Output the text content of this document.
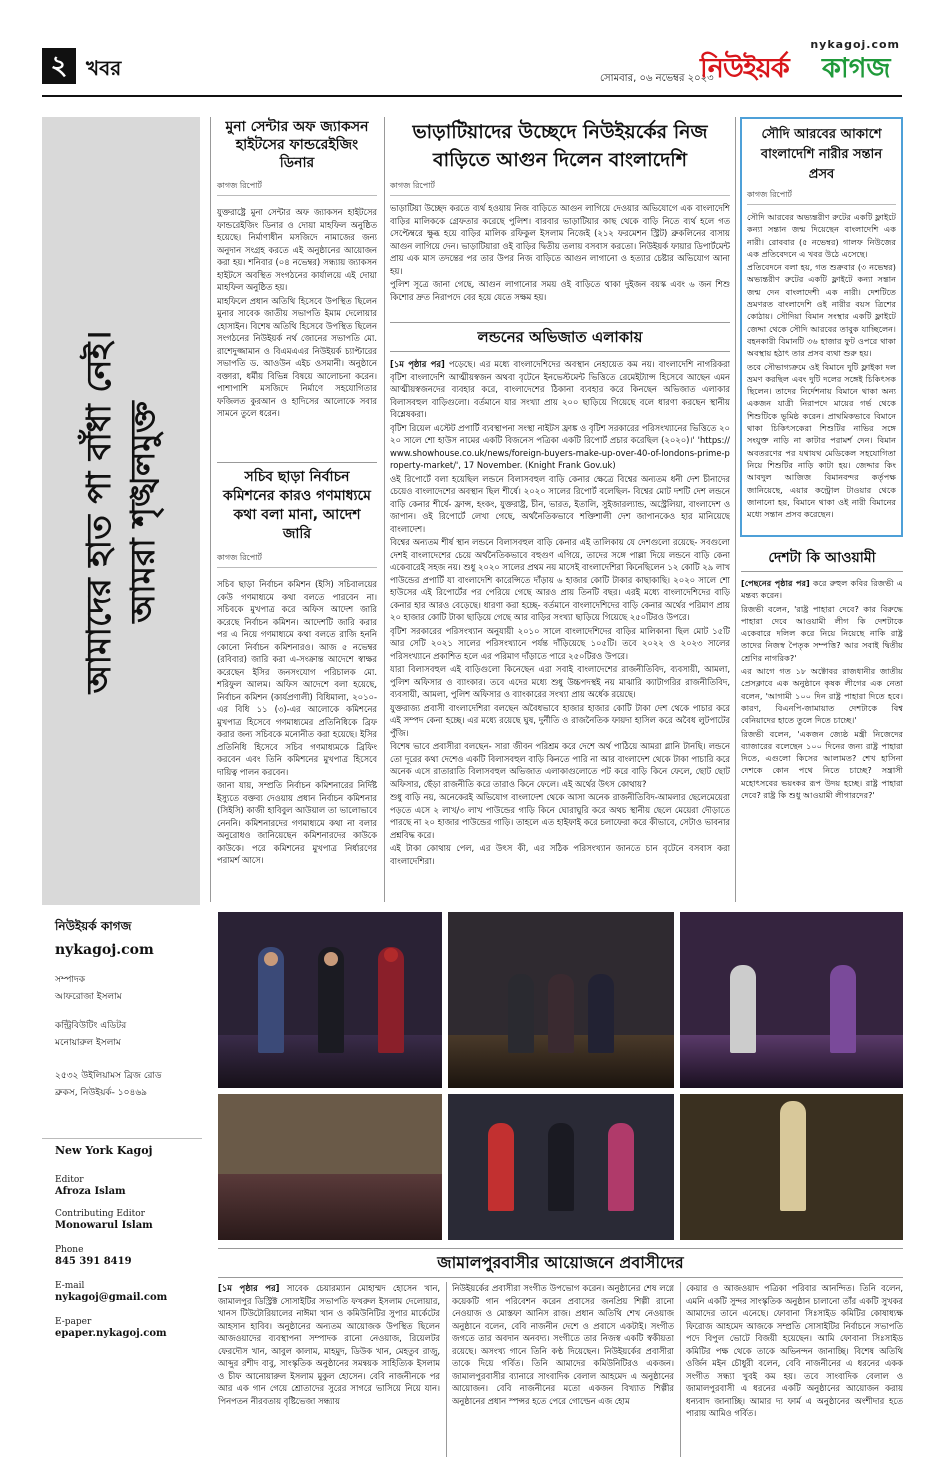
২ খবর	সোমবার, ০৬ নভেম্বর ২০২৩
নিউইয়র্ক কাগজ
nykagoj.com
আমাদের হাত পা বাঁধা নেই। আমরা শৃঙ্খলমুক্ত
নিউইয়র্ক কাগজ
nykagoj.com
সম্পাদক
আফরোজা ইসলাম
কন্ট্রিবিউটিং এডিটর
মনোয়ারুল ইসলাম
২৫৩২ উইলিয়ামস ব্রিজ রোড
ব্রুকস, নিউইয়র্ক- ১০৪৬৯
New York Kagoj
Editor
Afroza Islam
Contributing Editor
Monowarul Islam
Phone
845 391 8419
E-mail
nykagoj@gmail.com
E-paper
epaper.nykagoj.com
মুনা সেন্টার অফ জ্যাকসন হাইটসের ফান্ডরেইজিং ডিনার
কাগজ রিপোর্ট

যুক্তরাষ্ট্রে মুনা সেন্টার অফ জ্যাকসন হাইটসের ফান্ডরেইজিং ডিনার ও দোয়া মাহফিল অনুষ্ঠিত হয়েছে। নির্মাণাধীন মসজিদে নামাজের জন্য অনুদান সংগ্রহ করতে এই অনুষ্ঠানের আয়োজন করা হয়। শনিবার (০৪ নভেম্বর) সন্ধ্যায় জ্যাকসন হাইটসে অবস্থিত সংগঠনের কার্যালয়ে এই দোয়া মাহফিল অনুষ্ঠিত হয়।

মাহফিলে প্রধান অতিথি হিসেবে উপস্থিত ছিলেন মুনার সাবেক জাতীয় সভাপতি ইমাম দেলোয়ার হোসাইন। বিশেষ অতিথি হিসেবে উপস্থিত ছিলেন সংগঠনের নিউইয়র্ক নর্থ জোনের সভাপতি মো. রাশেদুজ্জামান ও বিএমএএর নিউইয়র্ক চ্যাপ্টারের সভাপতি ড. আওউন এইচ ওসমানী। অনুষ্ঠানে বক্তারা, ধর্মীয় বিভিন্ন বিষয়ে আলোচনা করেন। পাশাপাশি মসজিদে নির্মাণে সহযোগিতার ফজিলত কুরআন ও হাদিসের আলোকে সবার সামনে তুলে ধরেন।

সচিব ছাড়া নির্বাচন কমিশনের কারও গণমাধ্যমে কথা বলা মানা, আদেশ জারি
কাগজ রিপোর্ট

সচিব ছাড়া নির্বাচন কমিশন (ইসি) সচিবালয়ের কেউ গণমাধ্যমে কথা বলতে পারবেন না। সচিবকে মুখপাত্র করে অফিস আদেশ জারি করেছে নির্বাচন কমিশন। আদেশটি জারি করার পর এ নিয়ে গণমাধ্যমে কথা বলতে রাজি হননি কোনো নির্বাচন কমিশনারও। আজ ৫ নভেম্বর (রবিবার) জারি করা এ-সংক্রান্ত আদেশে স্বাক্ষর করেছেন ইসির জনসংযোগ পরিচালক মো. শরিফুল আলম। অফিস আদেশে বলা হয়েছে, নির্বাচন কমিশন (কার্যপ্রণালী) বিধিমালা, ২০১০-এর বিধি ১১ (৩)-এর আলোকে কমিশনের মুখপাত্র হিসেবে গণমাধ্যমের প্রতিনিধিকে ব্রিফ করার জন্য সচিবকে মনোনীত করা হয়েছে। ইসির প্রতিনিধি হিসেবে সচিব গণমাধ্যমকে ব্রিফিং করবেন এবং তিনি কমিশনের মুখপাত্র হিসেবে দায়িত্ব পালন করবেন।

জানা যায়, সম্প্রতি নির্বাচন কমিশনারের নির্দিষ্ট ইস্যুতে বক্তব্য দেওয়ায় প্রধান নির্বাচন কমিশনার (সিইসি) কাজী হাবিবুল আউয়াল তা ভালোভাবে নেননি। কমিশনারদের গণমাধ্যমে কথা না বলার অনুরোধও জানিয়েছেন কমিশনারদের কাউকে কাউকে। পরে কমিশনের মুখপাত্র নির্ধারণের পরামর্শ আসে।

ভাড়াটিয়াদের উচ্ছেদে নিউইয়র্কের নিজ বাড়িতে আগুন দিলেন বাংলাদেশি
কাগজ রিপোর্ট

ভাড়াটিয়া উচ্ছেদ করতে ব্যর্থ হওয়ায় নিজ বাড়িতে আগুন লাগিয়ে দেওয়ার অভিযোগে এক বাংলাদেশি বাড়ির মালিককে গ্রেফতার করেছে পুলিশ। বারবার ভাড়াটিয়ার কাছ থেকে বাড়ি নিতে ব্যর্থ হলে গত সেপ্টেম্বরে ক্ষুব্ধ হয়ে বাড়ির মালিক রফিকুল ইসলাম নিজেই (২১২ ফরমেশন স্ট্রিট) ব্রুকলিনের বাসায় আগুন লাগিয়ে দেন। ভাড়াটিয়ারা ওই বাড়ির দ্বিতীয় তলায় বসবাস করতো। নিউইয়র্ক ফায়ার ডিপার্টমেন্ট প্রায় এক মাস তদন্তের পর তার উপর নিজ বাড়িতে আগুন লাগানো ও হত্যার চেষ্টার অভিযোগ আনা হয়।

পুলিশ সূত্রে জানা গেছে, আগুন লাগানোর সময় ওই বাড়িতে থাকা দুইজন বয়স্ক এবং ৬ জন শিশু কিশোর দ্রুত নিরাপদে বের হয়ে যেতে সক্ষম হয়।

লন্ডনের অভিজাত এলাকায়

[১ম পৃষ্ঠার পর] পড়েছে। এর মধ্যে বাংলাদেশিদের অবস্থান নেহায়েত কম নয়। বাংলাদেশি নাগরিকরা বৃটিশ বাংলাদেশি আত্মীয়স্বজন অথবা বৃটেনে ইনভেস্টমেন্ট ভিত্তিতে রেমেইট্যান্স হিসেবে আছেন এমন আত্মীয়স্বজনদের ব্যবহার করে, বাংলাদেশের ঠিকানা ব্যবহার করে কিনছেন অভিজাত এলাকার বিলাসবহুল বাড়িগুলো। বর্তমানে যার সংখ্যা প্রায় ২০০ ছাড়িয়ে গিয়েছে বলে ধারণা করছেন স্থানীয় বিশ্লেষকরা।

বৃটিশ রিয়েল এস্টেট প্রপার্টি ব্যবস্থাপনা সংস্থা নাইটস ফ্রাঙ্ক ও বৃটিশ সরকারের পরিসংখ্যানের ভিত্তিতে ২০২০ সালে শো হাউস নামের একটি বিজনেস পত্রিকা একটি রিপোর্ট প্রচার করেছিল (২০২০)।' 'https://www.showhouse.co.uk/news/foreign-buyers-make-up-over-40-of-londons-prime-property-market/', 17 November. (Knight Frank Gov.uk)

ওই রিপোর্টে বলা হয়েছিল লন্ডনে বিলাসবহুল বাড়ি কেনার ক্ষেত্রে বিশ্বের অন্যতম ধনী দেশ চীনাদের চেয়েও বাংলাদেশের অবস্থান ছিল শীর্ষে। ২০২০ সালের রিপোর্ট বলেছিল- বিশ্বের মোট দশটি দেশ লন্ডনে বাড়ি কেনার শীর্ষে- ফ্রান্স, হংকং, যুক্তরাষ্ট্র, চীন, ভারত, ইতালি, সুইজারল্যান্ড, অস্ট্রেলিয়া, বাংলাদেশ ও জাপান। ওই রিপোর্টে লেখা গেছে, অর্থনৈতিকভাবে শক্তিশালী দেশ জাপানকেও হার মানিয়েছে বাংলাদেশ।

বিশ্বের অন্যতম শীর্ষ স্থান লন্ডনে বিলাসবহুল বাড়ি কেনার এই তালিকায় যে দেশগুলো রয়েছে- সবগুলো দেশই বাংলাদেশের চেয়ে অর্থনৈতিকভাবে বহুগুণ এগিয়ে, তাদের সঙ্গে পাল্লা দিয়ে লন্ডনে বাড়ি কেনা একেবারেই সহজ নয়। শুধু ২০২০ সালের প্রথম নয় মাসেই বাংলাদেশিরা কিনেছিলেন ১২ কোটি ২৯ লাখ পাউন্ডের প্রপার্টি যা বাংলাদেশি কারেন্সিতে দাঁড়ায় ৬ হাজার কোটি টাকার কাছাকাছি। ২০২০ সালে শো হাউসের এই রিপোর্টের পর পেরিয়ে গেছে আরও প্রায় তিনটি বছর। এরই মধ্যে বাংলাদেশিদের বাড়ি কেনার হার আরও বেড়েছে। ধারণা করা হচ্ছে- বর্তমানে বাংলাদেশিদের বাড়ি কেনার অর্থের পরিমাণ প্রায় ২০ হাজার কোটি টাকা ছাড়িয়ে গেছে আর বাড়ির সংখ্যা ছাড়িয়ে গিয়েছে ২৫০টিরও উপরে।

বৃটিশ সরকারের পরিসংখ্যান অনুযায়ী ২০১০ সালে বাংলাদেশিদের বাড়ির মালিকানা ছিল মোট ১৫টি আর সেটি ২০২১ সালের পরিসংখ্যানে পর্যন্ত দাঁড়িয়েছে ১০৫টি। তবে ২০২২ ও ২০২৩ সালের পরিসংখ্যানে প্রকাশিত হলে এর পরিমাণ দাঁড়াতে পারে ২৫০টিরও উপরে।

যারা বিলাসবহুল এই বাড়িগুলো কিনেছেন এরা সবাই বাংলাদেশের রাজনীতিবিদ, ব্যবসায়ী, আমলা, পুলিশ অফিসার ও ব্যাংকার। তবে এদের মধ্যে শুধু উচ্চপদস্থই নয় মাঝারি ক্যাটাগরির রাজনীতিবিদ, ব্যবসায়ী, আমলা, পুলিশ অফিসার ও ব্যাংকারের সংখ্যা প্রায় অর্ধেক রয়েছে।

যুক্তরাজ্য প্রবাসী বাংলাদেশিরা বলছেন অবৈধভাবে হাজার হাজার কোটি টাকা দেশ থেকে পাচার করে এই সম্পদ কেনা হচ্ছে। এর মধ্যে রয়েছে ঘুষ, দুর্নীতি ও রাজনৈতিক ফায়দা হাসিল করে অবৈধ লুটপাটের পুঁজি।

বিশেষ ভাবে প্রবাসীরা বলছেন- সারা জীবন পরিশ্রম করে দেশে অর্থ পাঠিয়ে আমরা গ্লানি টানছি। লন্ডনে তো দূরের কথা দেশেও একটি বিলাসবহুল বাড়ি কিনতে পারি না আর বাংলাদেশ থেকে টাকা পাচারি করে অনেক এসে রাতারাতি বিলাসবহুল অভিজাত এলাকাগুলোতে পট করে বাড়ি কিনে ফেলে, ছোট ছোট অফিসার, ছেঁড়া রাজনীতি করে তারাও কিনে ফেলে। এই অর্থের উৎস কোথায়?

শুধু বাড়ি নয়, অনেকেরই অভিযোগ বাংলাদেশ থেকে আসা অনেক রাজনীতিবিদ-আমলার ছেলেমেয়েরা পড়তে এসে ২ লাখ/৩ লাখ পাউন্ডের গাড়ি কিনে ঘোরাঘুরি করে অথচ স্থানীয় ছেলে মেয়েরা দৌড়াতে পারছে না ২০ হাজার পাউন্ডের গাড়ি। তাহলে এত হাইফাই করে চলাফেরা করে কীভাবে, সেটাও ভাবনার প্রশ্নবিদ্ধ করে।

এই টাকা কোথায় পেল, এর উৎস কী, এর সঠিক পরিসংখ্যান জানতে চান বৃটেনে বসবাস করা বাংলাদেশিরা।

সৌদি আরবের আকাশে বাংলাদেশি নারীর সন্তান প্রসব
কাগজ রিপোর্ট

সৌদি আরবের অভ্যন্তরীণ রুটের একটি ফ্লাইটে কন্যা সন্তান জন্ম দিয়েছেন বাংলাদেশি এক নারী। রোববার (৫ নভেম্বর) গালফ নিউজের এক প্রতিবেদনে এ খবর উঠে এসেছে।

প্রতিবেদনে বলা হয়, গত শুক্রবার (৩ নভেম্বর) অভ্যন্তরীণ রুটের একটি ফ্লাইটে কন্যা সন্তান জন্ম দেন বাংলাদেশী এক নারী। দেশটিতে ভ্রমণরত বাংলাদেশি ওই নারীর বয়স ত্রিশের কোঠায়। সৌদিয়া বিমান সংস্থার একটি ফ্লাইটে জেদ্দা থেকে সৌদি আরবের তাবুক যাচ্ছিলেন। বহনকারী বিমানটি ৩৬ হাজার ফুট ওপরে থাকা অবস্থায় হঠাৎ তার প্রসব ব্যথা শুরু হয়।

তবে সৌভাগ্যক্রমে ওই বিমানে দুটি ফ্লাইকা দল ভ্রমণ করছিল এবং দুটি দলের সঙ্গেই চিকিৎসক ছিলেন। তাদের নির্দেশনায় বিমানে থাকা অন্য একজন যাত্রী নিরাপদে মায়ের গর্ভ থেকে শিশুটিকে ভূমিষ্ঠ করেন। প্রাথমিকভাবে বিমানে থাকা চিকিৎসকেরা শিশুটির নাভির সঙ্গে সংযুক্ত নাড়ি না কাটার পরামর্শ দেন। বিমান অবতরণের পর যথাযথ মেডিকেল সহযোগিতা নিয়ে শিশুটির নাড়ি কাটা হয়। জেদ্দার কিং আবদুল আজিজ বিমানবন্দর কর্তৃপক্ষ জানিয়েছে, এয়ার কন্ট্রোল টাওয়ার থেকে জানানো হয়, বিমানে থাকা ওই নারী বিমানের মধ্যে সন্তান প্রসব করেছেন।

দেশটা কি আওয়ামী

[পেছনের পৃষ্ঠার পর] করে রুহুল কবির রিজভী এ মন্তব্য করেন।

রিজভী বলেন, 'রাষ্ট্র পাহারা দেবে? কার বিরুদ্ধে পাহারা দেবে আওয়ামী লীগ কি দেশটাকে একেবারে দলিল করে নিয়ে নিয়েছে নাকি রাষ্ট্র তাদের নিজস্ব পৈতৃক সম্পত্তি? আর সবাই দ্বিতীয় শ্রেণির নাগরিক?'

এর আগে গত ১৮ অক্টোবর রাজধানীর জাতীয় প্রেসক্লাবে এক অনুষ্ঠানে কৃষক লীগের এক নেতা বলেন, 'আগামী ১০০ দিন রাষ্ট্র পাহারা দিতে হবে। কারণ, বিএনপি-জামায়াত দেশটাকে বিশ্ব বেনিয়াদের হাতে তুলে দিতে চাচ্ছে।'

রিজভী বলেন, 'একজন জ্যেষ্ঠ মন্ত্রী নিজেদের ব্যাজারের বলেছেন ১০০ দিনের জন্য রাষ্ট্র পাহারা দিতে, এগুলো কিসের আলামত? শেখ হাসিনা দেশকে কোন পথে নিতে চাচ্ছে? সন্ত্রাসী মহোৎসবের ভয়ংকর রূপ উদয় হচ্ছে। রাষ্ট্র পাহারা দেবে? রাষ্ট্র কি শুধু আওয়ামী লীগারদের?'

জামালপুরবাসীর আয়োজনে প্রবাসীদের
[১ম পৃষ্ঠার পর] সাবেক চেয়ারম্যান মোহাম্মদ হোসেন খান, জামালপুর ডিস্ট্রিক্ট সোসাইটির সভাপতি ফখরুল ইসলাম দেলোয়ার, খানস টিউটোরিয়ালের নাঈমা খান ও কমিউনিটির সুপার মার্কেটের আহসান হাবিব। অনুষ্ঠানের অন্যতম আয়োজক উপস্থিত ছিলেন আজওয়াদের ব্যবস্থাপনা সম্পাদক রানো নেওয়াজ, রিয়েলটর ফেরদৌস খান, আবুল কালাম, মাহমুদ, ডিউক খান, মেহতুব রাজু, আব্দুর রশীদ বাবু, সাংস্কৃতিক অনুষ্ঠানের সমন্বয়ক সাহিত্যিক ইসলাম ও চীফ আনোয়ারুল ইসলাম মুকুল হোসেন। বেবি নাজনীনকে পর আর এক গান গেয়ে শ্রোতাদের সুরের সাগরে ভাসিয়ে নিয়ে যান। পিনপতন নীরবতায় বৃষ্টিভেজা সন্ধ্যায়
নিউইয়র্কের প্রবাসীরা সংগীত উপভোগ করেন। অনুষ্ঠানের শেষ লগ্নে কয়েকটি গান পরিবেশন করেন প্রবাসের জনপ্রিয় শিল্পী রানো নেওয়াজ ও মোস্তফা আনিস রাজ। প্রধান অতিথি শেখ নেওয়াজ অনুষ্ঠানে বলেন, বেবি নাজনীন দেশে ও প্রবাসে একটাই। সংগীত জগতে তার অবদান অনবদ্য। সংগীতে তার নিজস্ব একটি স্বকীয়তা রয়েছে। অসংখ্য গানে তিনি কণ্ঠ দিয়েছেন। নিউইয়র্কের প্রবাসীরা তাকে দিয়ে গর্বিত। তিনি আমাদের কমিউনিটিরও একজন। জামালপুরবাসীর ব্যানারে সাংবাদিক বেলাল আহমেদ এ অনুষ্ঠানের আয়োজন। বেবি নাজনীনের মতো একজন বিখ্যাত শিল্পীর অনুষ্ঠানের প্রধান স্পন্সর হতে পেরে গোল্ডেন এজ হোম
কেয়ার ও আজওয়াদ পত্রিকা পরিবার আনন্দিত। তিনি বলেন, এমনি একটি সুন্দর সাংস্কৃতিক অনুষ্ঠান চালানো তাঁর একটি সুখকর আমাদের তানে এনেছে। ফোবানা সিঃসাইড কমিটির কোষাধ্যক্ষ ফিরোজ আহমেদ আজকে সম্প্রতি সোসাইটির নির্বাচনে সভাপতি পদে বিপুল ভোটে বিজয়ী হয়েছেন। আমি ফোবানা সিঃসাইড কমিটির পক্ষ থেকে তাকে অভিনন্দন জানাচ্ছি। বিশেষ অতিথি ওর্জিন মইন চৌধুরী বলেন, বেবি নাজনীনের এ ধরনের একক সংগীত সন্ধ্যা খুবই কম হয়। তবে সাংবাদিক বেলাল ও জামালপুরবাসী এ ধরনের একটি অনুষ্ঠানের আয়োজন করায় ধন্যবাদ জানাচ্ছি। আমার দ্য ফার্ম এ অনুষ্ঠানের অংশীদার হতে পারায় আমিও গর্বিত।
